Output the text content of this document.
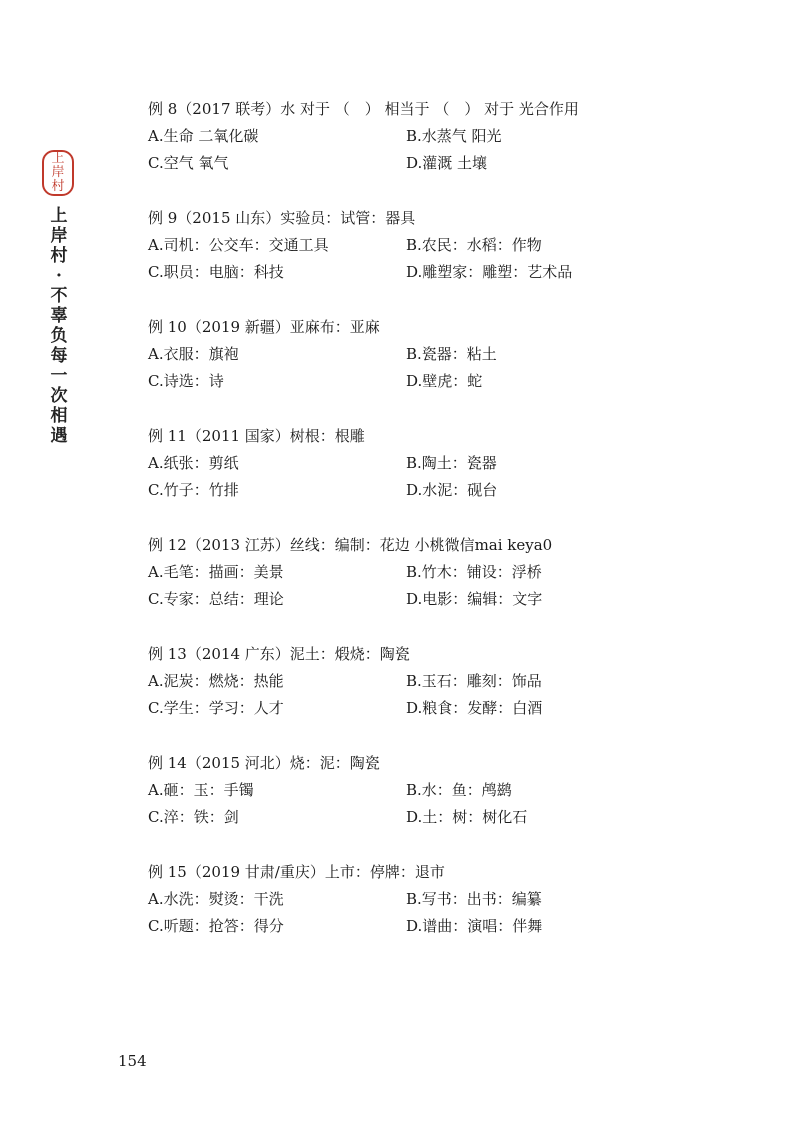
上
岸
村
上
岸
村
·
不
辜
负
每
一
次
相
遇
例 8（2017 联考）水 对于 （　） 相当于 （　） 对于 光合作用
A.生命 二氧化碳	B.水蒸气 阳光
C.空气 氧气	D.灌溉 土壤
例 9（2015 山东）实验员：试管：器具
A.司机：公交车：交通工具	B.农民：水稻：作物
C.职员：电脑：科技	D.雕塑家：雕塑：艺术品
例 10（2019 新疆）亚麻布：亚麻
A.衣服：旗袍	B.瓷器：粘土
C.诗选：诗	D.壁虎：蛇
例 11（2011 国家）树根：根雕
A.纸张：剪纸	B.陶土：瓷器
C.竹子：竹排	D.水泥：砚台
例 12（2013 江苏）丝线：编制：花边 小桃微信mai keya0
A.毛笔：描画：美景	B.竹木：铺设：浮桥
C.专家：总结：理论	D.电影：编辑：文字
例 13（2014 广东）泥土：煅烧：陶瓷
A.泥炭：燃烧：热能	B.玉石：雕刻：饰品
C.学生：学习：人才	D.粮食：发酵：白酒
例 14（2015 河北）烧：泥：陶瓷
A.砸：玉：手镯	B.水：鱼：鸬鹚
C.淬：铁：剑	D.土：树：树化石
例 15（2019 甘肃/重庆）上市：停牌：退市
A.水洗：熨烫：干洗	B.写书：出书：编纂
C.听题：抢答：得分	D.谱曲：演唱：伴舞
154
